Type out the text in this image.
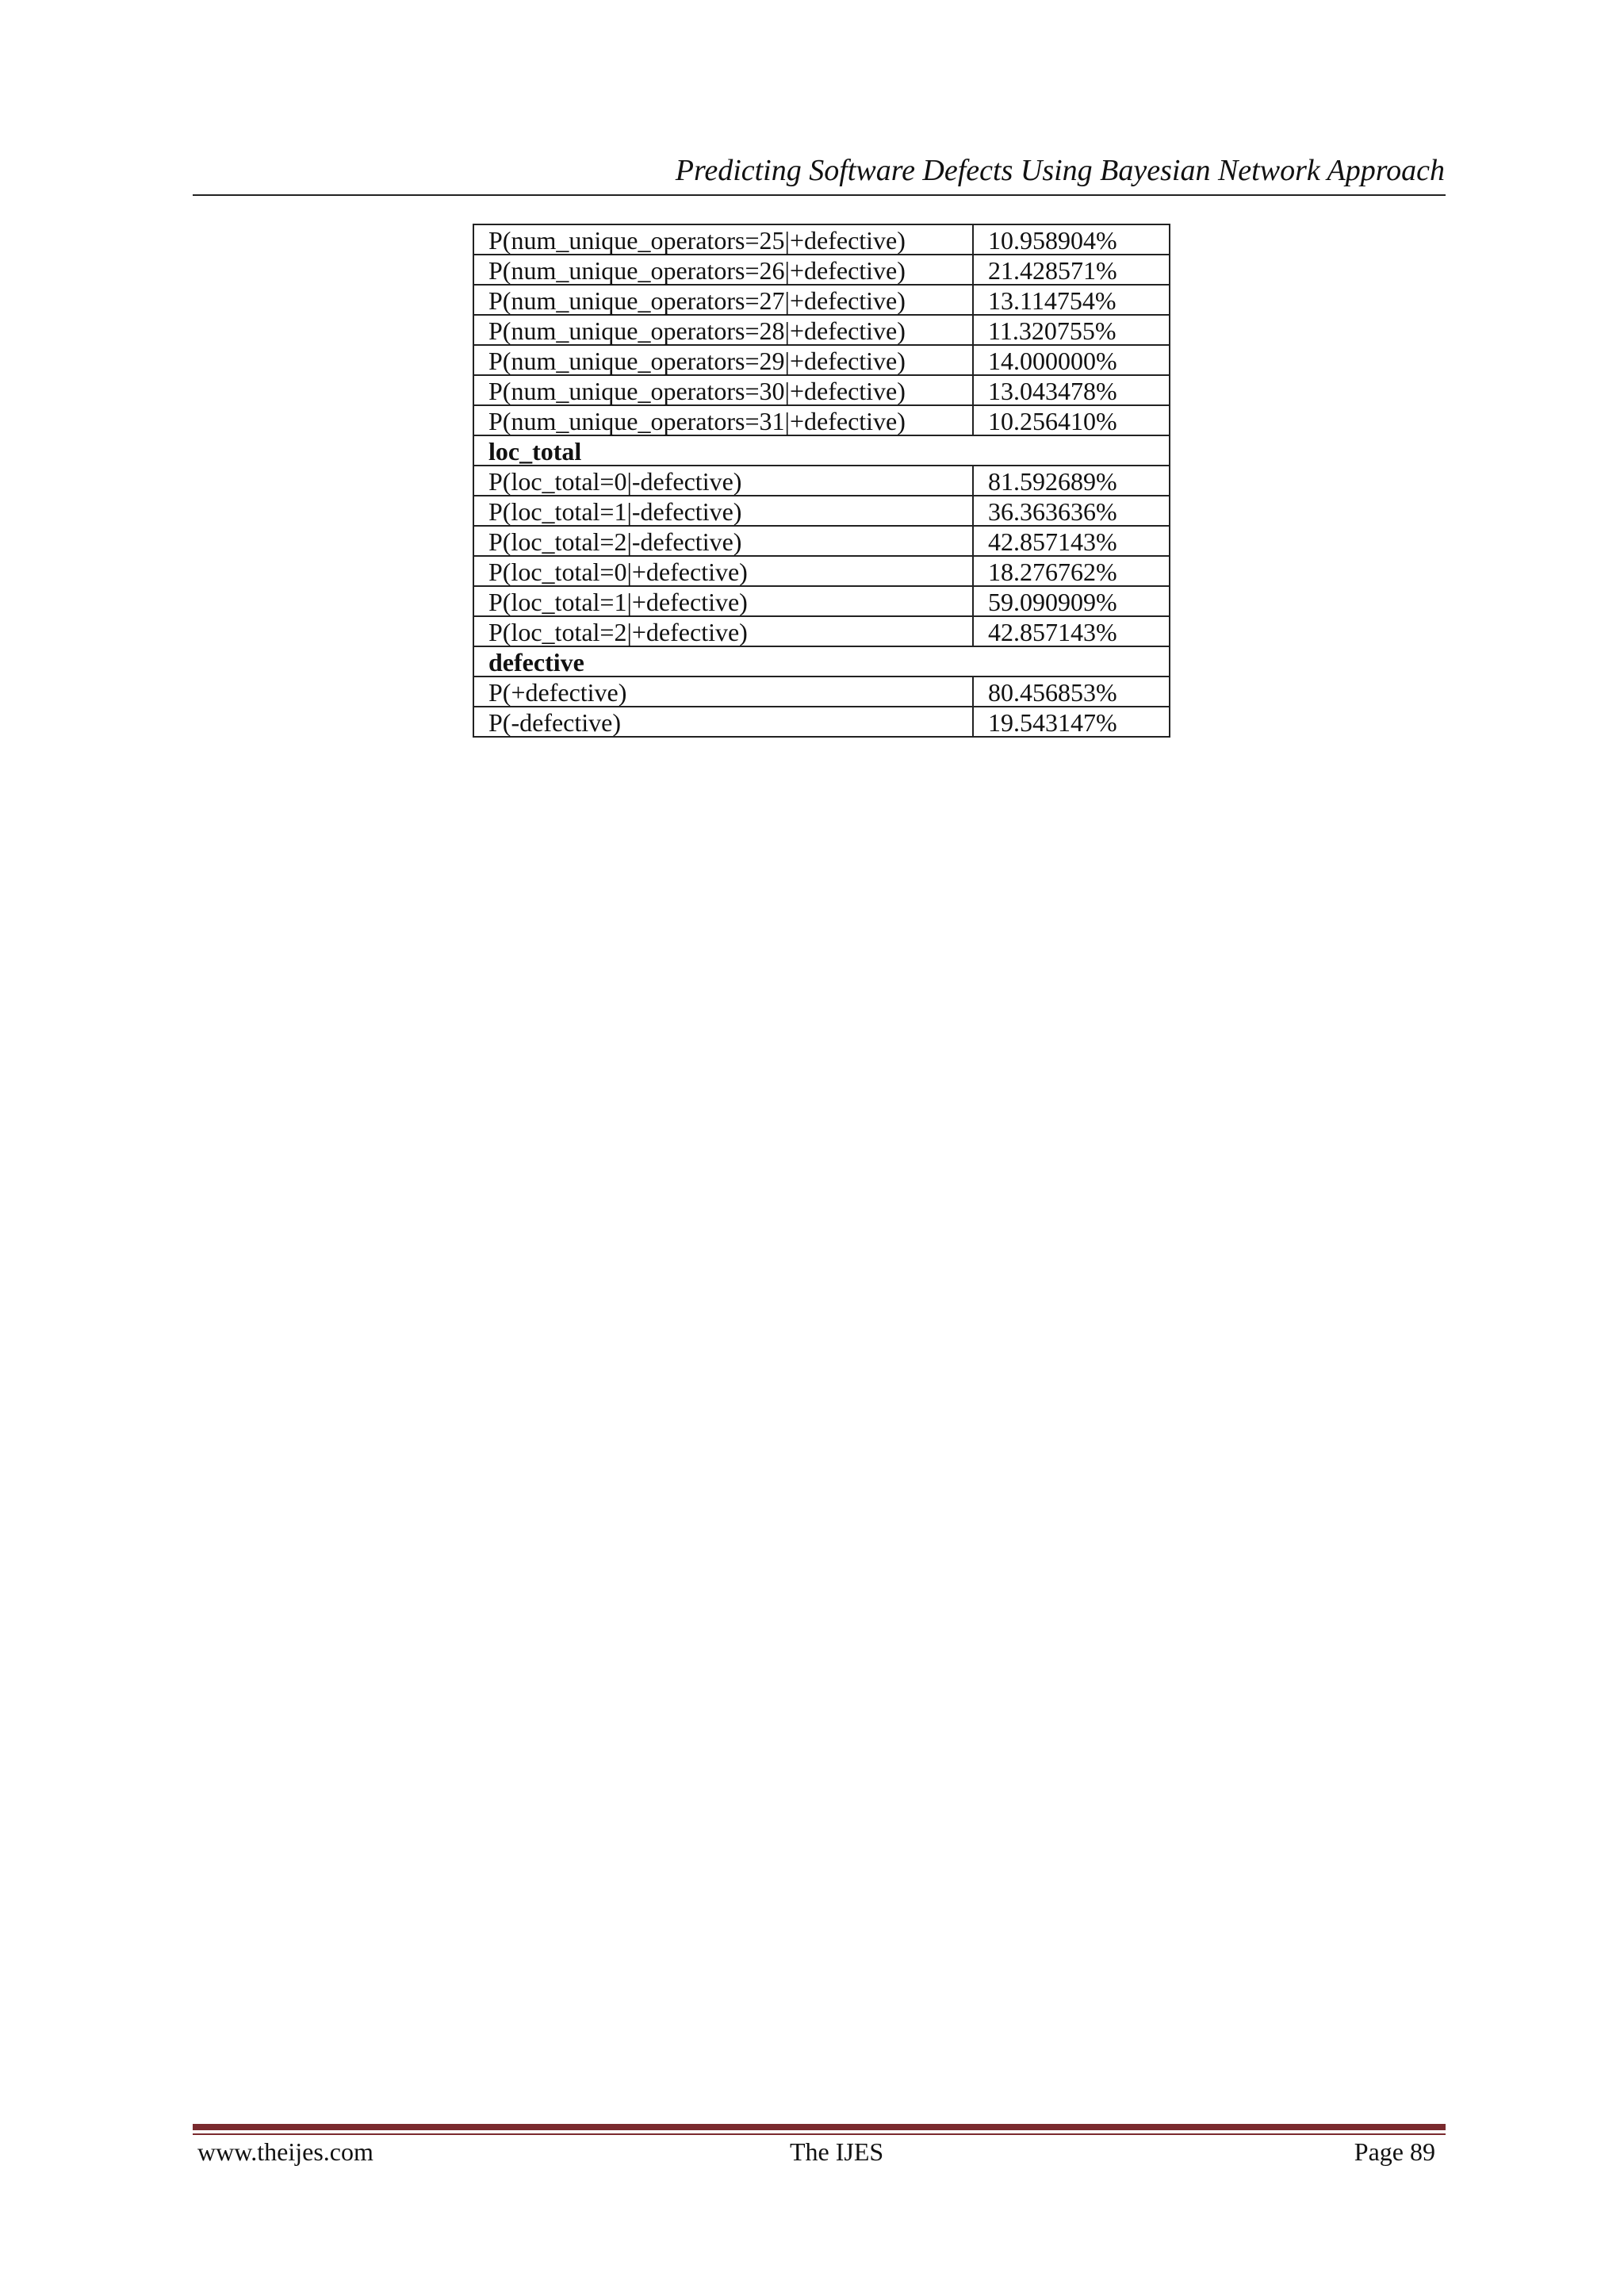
Predicting Software Defects Using Bayesian Network Approach
P(num_unique_operators=25|+defective)	10.958904%
P(num_unique_operators=26|+defective)	21.428571%
P(num_unique_operators=27|+defective)	13.114754%
P(num_unique_operators=28|+defective)	11.320755%
P(num_unique_operators=29|+defective)	14.000000%
P(num_unique_operators=30|+defective)	13.043478%
P(num_unique_operators=31|+defective)	10.256410%
loc_total	
P(loc_total=0|-defective)	81.592689%
P(loc_total=1|-defective)	36.363636%
P(loc_total=2|-defective)	42.857143%
P(loc_total=0|+defective)	18.276762%
P(loc_total=1|+defective)	59.090909%
P(loc_total=2|+defective)	42.857143%
defective	
P(+defective)	80.456853%
P(-defective)	19.543147%
www.theijes.com	The IJES	Page 89
